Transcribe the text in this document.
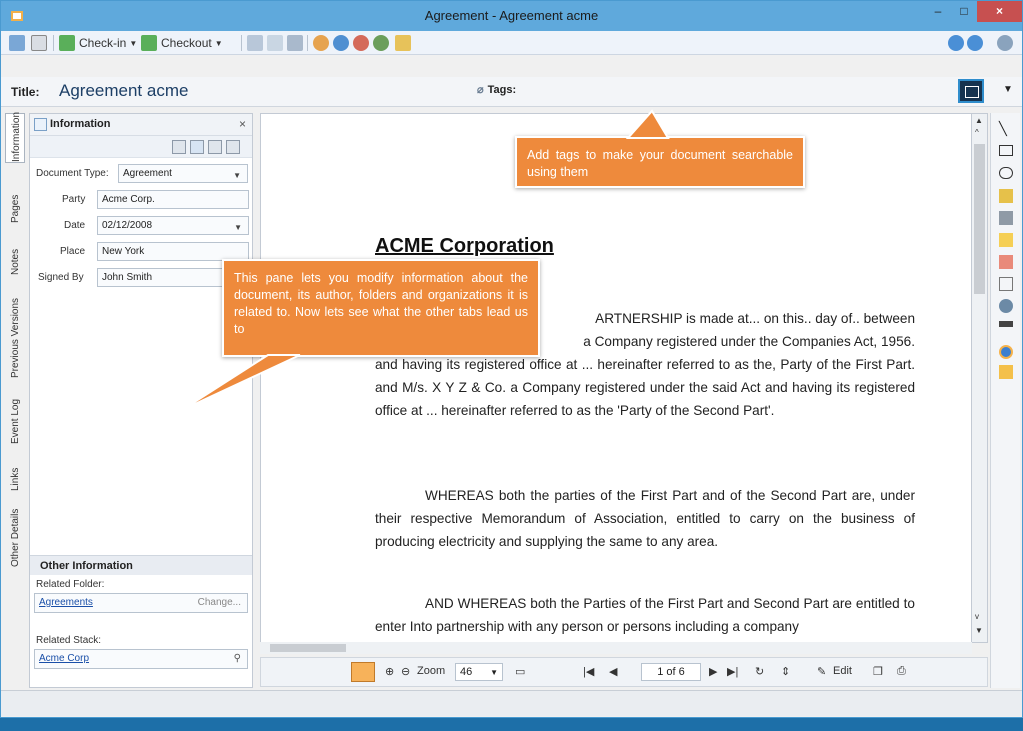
Agreement - Agreement acme	–	□	×
Check-in ▼ Checkout ▼
Title: Agreement acme	⌀ Tags:	▼
Information
Pages
Notes
Previous Versions
Event Log
Links
Other Details
Information	×
Document Type:	Agreement	▼
Party	Acme Corp.
Date	02/12/2008	▼
Place	New York
Signed By	John Smith
Other Information
Related Folder:
Agreements	Change...
Related Stack:
Acme Corp	⚲
ACME Corporation
ARTNERSHIP is made at... on this.. day of.. between
a Company registered under the Companies Act, 1956.
and having its registered office at ... hereinafter referred to as the, Party of the First Part. and M/s. X Y Z & Co. a Company registered under the said Act and having its registered office at ... hereinafter referred to as the 'Party of the Second Part'.
WHEREAS both the parties of the First Part and of the Second Part are, under their respective Memorandum of Association, entitled to carry on the business of producing electricity and supplying the same to any area.
AND WHEREAS both the Parties of the First Part and Second Part are entitled to enter Into partnership with any person or persons including a company
▲
^
v
▼
⊕ ⊖ Zoom	46 ▼ ▭	|◀ ◀	1 of 6	▶ ▶| ↻ ⇕ ✎ Edit ❐ ⎙
╲
Add tags to make your document searchable using them
This pane lets you modify information about the document, its author, folders and organizations it is related to. Now lets see what the other tabs lead us to
